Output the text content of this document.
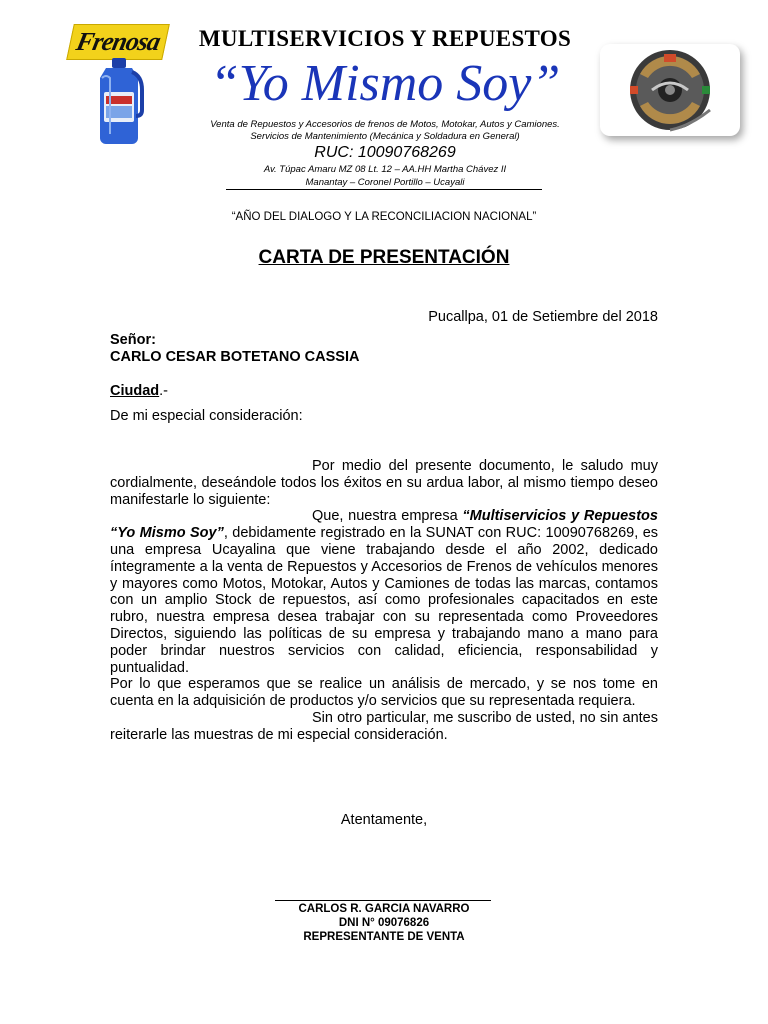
Frenosa	MULTISERVICIOS Y REPUESTOS
“Yo Mismo Soy”
Venta de Repuestos y Accesorios de frenos de Motos, Motokar, Autos y Camiones.
Servicios de Mantenimiento (Mecánica y Soldadura en General)
RUC: 10090768269
Av. Túpac Amaru MZ 08 Lt. 12 – AA.HH Martha Chávez II
Manantay – Coronel Portillo – Ucayali
“AÑO DEL DIALOGO Y LA RECONCILIACION NACIONAL”
CARTA DE PRESENTACIÓN
Pucallpa, 01 de Setiembre del 2018
Señor:
CARLO CESAR BOTETANO CASSIA
Ciudad.-
De mi especial consideración:

Por medio del presente documento, le saludo muy cordialmente, deseándole todos los éxitos en su ardua labor, al mismo tiempo deseo manifestarle lo siguiente:

Que, nuestra empresa “Multiservicios y Repuestos “Yo Mismo Soy”, debidamente registrado en la SUNAT con RUC: 10090768269, es una empresa Ucayalina que viene trabajando desde el año 2002, dedicado íntegramente a la venta de Repuestos y Accesorios de Frenos de vehículos menores y mayores como Motos, Motokar, Autos y Camiones de todas las marcas, contamos con un amplio Stock de repuestos, así como profesionales capacitados en este rubro, nuestra empresa desea trabajar con su representada como Proveedores Directos, siguiendo las políticas de su empresa y trabajando mano a mano para poder brindar nuestros servicios con calidad, eficiencia, responsabilidad y puntualidad.

Por lo que esperamos que se realice un análisis de mercado, y se nos tome en cuenta en la adquisición de productos y/o servicios que su representada requiera.

Sin otro particular, me suscribo de usted, no sin antes reiterarle las muestras de mi especial consideración.

Atentamente,
CARLOS R. GARCIA NAVARRO
DNI N° 09076826
REPRESENTANTE DE VENTA
